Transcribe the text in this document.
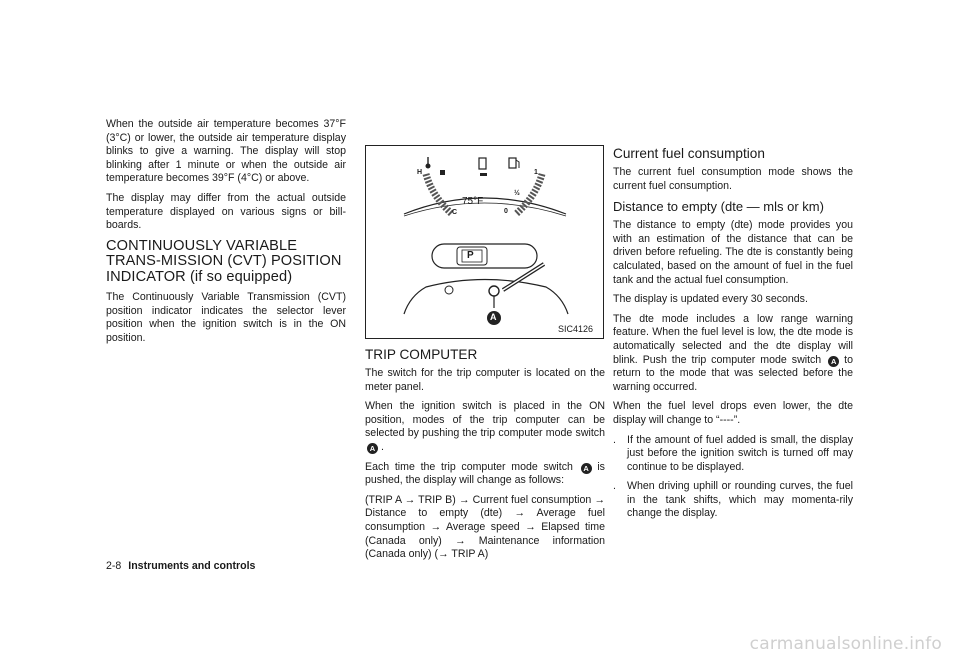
When the outside air temperature becomes 37°F (3°C) or lower, the outside air temperature display blinks to give a warning. The display will stop blinking after 1 minute or when the outside air temperature becomes 39°F (4°C) or above.

The display may differ from the actual outside temperature displayed on various signs or bill-boards.

CONTINUOUSLY VARIABLE TRANS-MISSION (CVT) POSITION INDICATOR (if so equipped)

The Continuously Variable Transmission (CVT) position indicator indicates the selector lever position when the ignition switch is in the ON position.

H
C
1
½
0
75°F
P
A
SIC4126
TRIP COMPUTER

The switch for the trip computer is located on the meter panel.

When the ignition switch is placed in the ON position, modes of the trip computer can be selected by pushing the trip computer mode switch A .

Each time the trip computer mode switch A is pushed, the display will change as follows:

(TRIP A → TRIP B) → Current fuel consumption → Distance to empty (dte) → Average fuel consumption → Average speed → Elapsed time (Canada only) → Maintenance information (Canada only) (→ TRIP A)

Current fuel consumption

The current fuel consumption mode shows the current fuel consumption.

Distance to empty (dte — mls or km)

The distance to empty (dte) mode provides you with an estimation of the distance that can be driven before refueling. The dte is constantly being calculated, based on the amount of fuel in the fuel tank and the actual fuel consumption.

The display is updated every 30 seconds.

The dte mode includes a low range warning feature. When the fuel level is low, the dte mode is automatically selected and the dte display will blink. Push the trip computer mode switch A to return to the mode that was selected before the warning occurred.

When the fuel level drops even lower, the dte display will change to “----”.

.	If the amount of fuel added is small, the display just before the ignition switch is turned off may continue to be displayed.
.	When driving uphill or rounding curves, the fuel in the tank shifts, which may momenta-rily change the display.
2-8 Instruments and controls
carmanualsonline.info
